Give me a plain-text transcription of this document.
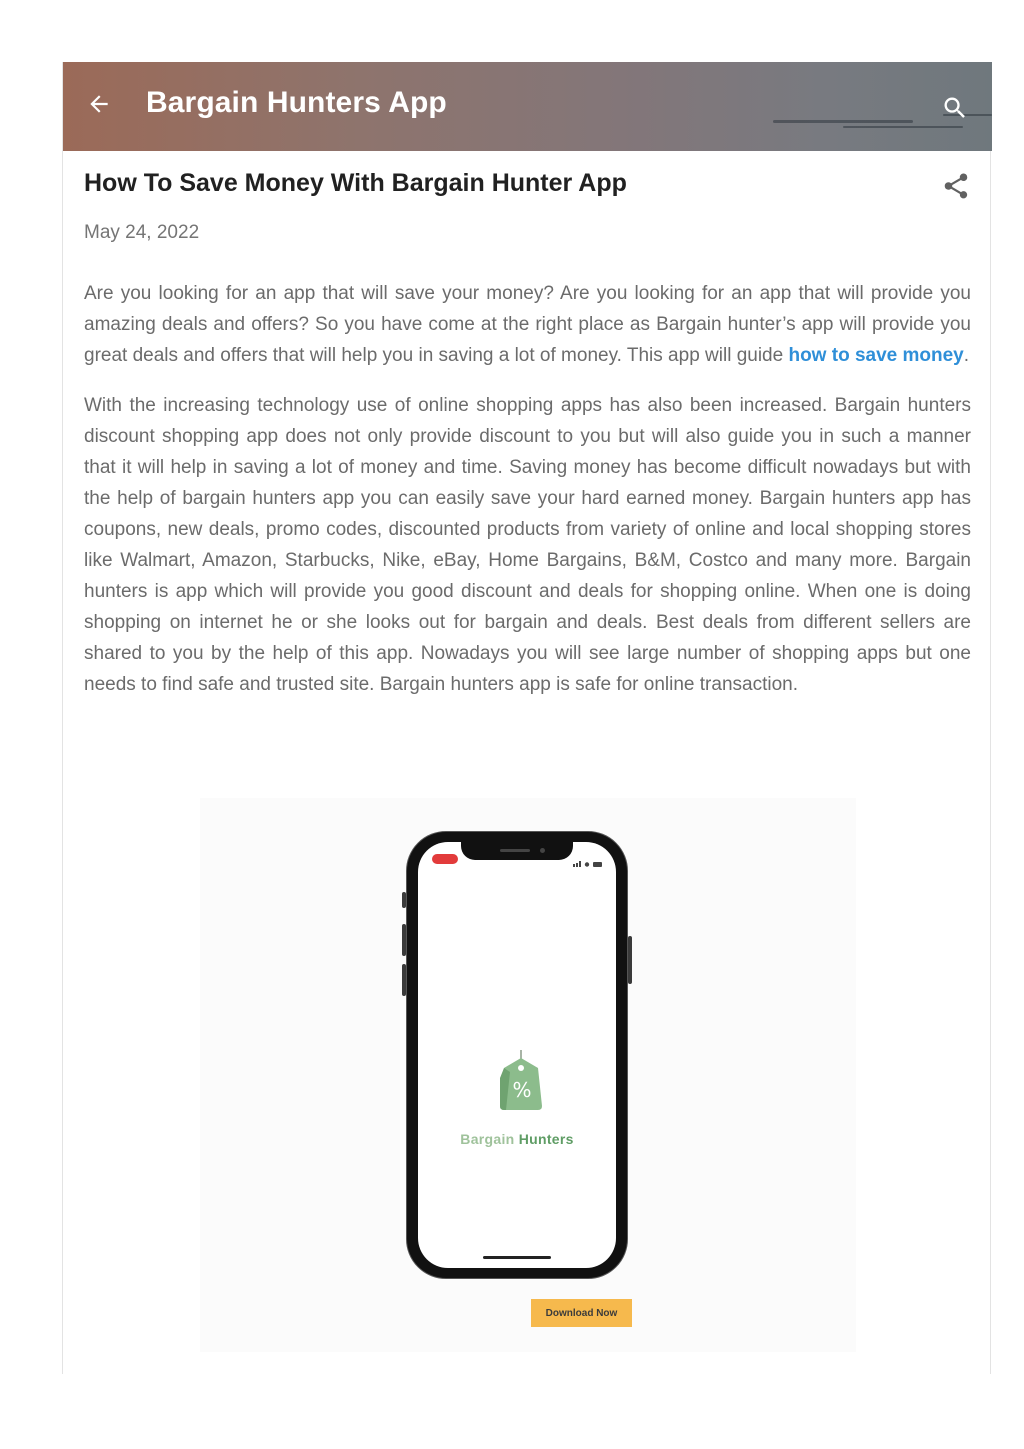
Bargain Hunters App
How To Save Money With Bargain Hunter App
May 24, 2022

Are you looking for an app that will save your money? Are you looking for an app that will provide you amazing deals and offers? So you have come at the right place as Bargain hunter’s app will provide you great deals and offers that will help you in saving a lot of money. This app will guide how to save money.

With the increasing technology use of online shopping apps has also been increased. Bargain hunters discount shopping app does not only provide discount to you but will also guide you in such a manner that it will help in saving a lot of money and time. Saving money has become difficult nowadays but with the help of bargain hunters app you can easily save your hard earned money. Bargain hunters app has coupons, new deals, promo codes, discounted products from variety of online and local shopping stores like Walmart, Amazon, Starbucks, Nike, eBay, Home Bargains, B&M, Costco and many more. Bargain hunters is app which will provide you good discount and deals for shopping online. When one is doing shopping on internet he or she looks out for bargain and deals. Best deals from different sellers are shared to you by the help of this app. Nowadays you will see large number of shopping apps but one needs to find safe and trusted site. Bargain hunters app is safe for online transaction.

%
Bargain Hunters
Download Now
